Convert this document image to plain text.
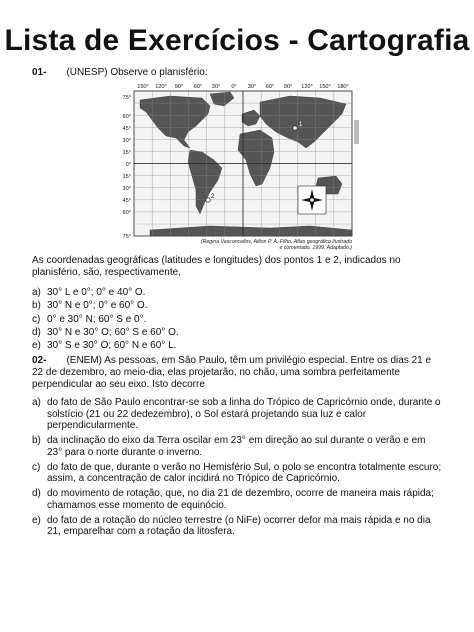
Lista de Exercícios - Cartografia
01- (UNESP) Observe o planisfério:
150° 120° 90° 60° 30° 0° 30° 60° 90° 120° 150° 180°
75°
60°
45°
30°
15°
0°
15°
30°
45°
60°
75°
1
2
(Regina Vasconcellos, Ailton P. A. Filho. Atlas geográfico ilustrado
e comentado, 1999. Adaptado.)
As coordenadas geográficas (latitudes e longitudes) dos pontos 1 e 2, indicados no planisfério, são, respectivamente,
a) 30° L e 0°; 0° e 40° O.
b) 30° N e 0°; 0° e 60° O.
c) 0° e 30° N; 60° S e 0°.
d) 30° N e 30° O; 60° S e 60° O.
e) 30° S e 30° O; 60° N e 60° L.
02- (ENEM) As pessoas, em São Paulo, têm um privilégio especial. Entre os dias 21 e 22 de dezembro, ao meio-dia, elas projetarão, no chão, uma sombra perfeitamente perpendicular ao seu eixo. Isto decorre
a) do fato de São Paulo encontrar-se sob a linha do Trópico de Capricórnio onde, durante o solstício (21 ou 22 dedezembro), o Sol estará projetando sua luz e calor perpendicularmente.
b) da inclinação do eixo da Terra oscilar em 23° em direção ao sul durante o verão e em 23° para o norte durante o inverno.
c) do fato de que, durante o verão no Hemisfério Sul, o polo se encontra totalmente escuro; assim, a concentração de calor incidirá no Trópico de Capricórnio.
d) do movimento de rotação, que, no dia 21 de dezembro, ocorre de maneira mais rápida; chamamos esse momento de equinócio.
e) do fato de a rotação do núcleo terrestre (o NiFe) ocorrer defor ma mais rápida e no dia 21, emparelhar com a rotação da litosfera.
